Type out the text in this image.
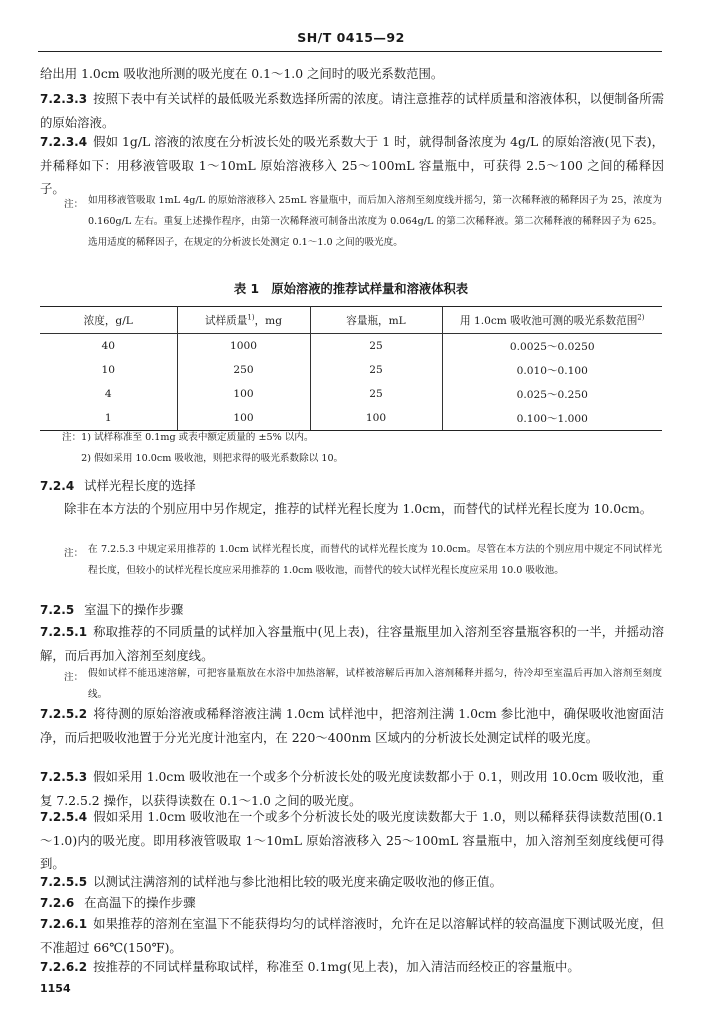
SH/T 0415—92

给出用 1.0cm 吸收池所测的吸光度在 0.1～1.0 之间时的吸光系数范围。

7.2.3.3 按照下表中有关试样的最低吸光系数选择所需的浓度。请注意推荐的试样质量和溶液体积，以便制备所需的原始溶液。

7.2.3.4 假如 1g/L 溶液的浓度在分析波长处的吸光系数大于 1 时，就得制备浓度为 4g/L 的原始溶液(见下表)，并稀释如下：用移液管吸取 1～10mL 原始溶液移入 25～100mL 容量瓶中，可获得 2.5～100 之间的稀释因子。

注： 如用移液管吸取 1mL 4g/L 的原始溶液移入 25mL 容量瓶中，而后加入溶剂至刻度线并摇匀，第一次稀释液的稀释因子为 25，浓度为 0.160g/L 左右。重复上述操作程序，由第一次稀释液可制备出浓度为 0.064g/L 的第二次稀释液。第二次稀释液的稀释因子为 625。选用适度的稀释因子，在规定的分析波长处测定 0.1～1.0 之间的吸光度。

表 1　原始溶液的推荐试样量和溶液体积表
浓度，g/L	试样质量$^{1)}$，mg	容量瓶，mL	用 1.0cm 吸收池可测的吸光系数范围$^{2)}$
40	1000	25	0.0025～0.0250
10	250	25	0.010～0.100
4	100	25	0.025～0.250
1	100	100	0.100～1.000
注：1) 试样称准至 0.1mg 或表中额定质量的 ±5% 以内。
　　2) 假如采用 10.0cm 吸收池，则把求得的吸光系数除以 10。
7.2.4 试样光程长度的选择

除非在本方法的个别应用中另作规定，推荐的试样光程长度为 1.0cm，而替代的试样光程长度为 10.0cm。

注： 在 7.2.5.3 中规定采用推荐的 1.0cm 试样光程长度，而替代的试样光程长度为 10.0cm。尽管在本方法的个别应用中规定不同试样光程长度，但较小的试样光程长度应采用推荐的 1.0cm 吸收池，而替代的较大试样光程长度应采用 10.0 吸收池。

7.2.5 室温下的操作步骤

7.2.5.1 称取推荐的不同质量的试样加入容量瓶中(见上表)，往容量瓶里加入溶剂至容量瓶容积的一半，并摇动溶解，而后再加入溶剂至刻度线。

注： 假如试样不能迅速溶解，可把容量瓶放在水浴中加热溶解，试样被溶解后再加入溶剂稀释并摇匀，待冷却至室温后再加入溶剂至刻度线。

7.2.5.2 将待测的原始溶液或稀释溶液注满 1.0cm 试样池中，把溶剂注满 1.0cm 参比池中，确保吸收池窗面洁净，而后把吸收池置于分光光度计池室内，在 220～400nm 区域内的分析波长处测定试样的吸光度。

7.2.5.3 假如采用 1.0cm 吸收池在一个或多个分析波长处的吸光度读数都小于 0.1，则改用 10.0cm 吸收池，重复 7.2.5.2 操作，以获得读数在 0.1～1.0 之间的吸光度。

7.2.5.4 假如采用 1.0cm 吸收池在一个或多个分析波长处的吸光度读数都大于 1.0，则以稀释获得读数范围(0.1～1.0)内的吸光度。即用移液管吸取 1～10mL 原始溶液移入 25～100mL 容量瓶中，加入溶剂至刻度线便可得到。

7.2.5.5 以测试注满溶剂的试样池与参比池相比较的吸光度来确定吸收池的修正值。

7.2.6 在高温下的操作步骤

7.2.6.1 如果推荐的溶剂在室温下不能获得均匀的试样溶液时，允许在足以溶解试样的较高温度下测试吸光度，但不准超过 66℃(150℉)。

7.2.6.2 按推荐的不同试样量称取试样，称准至 0.1mg(见上表)，加入清洁而经校正的容量瓶中。

1154
